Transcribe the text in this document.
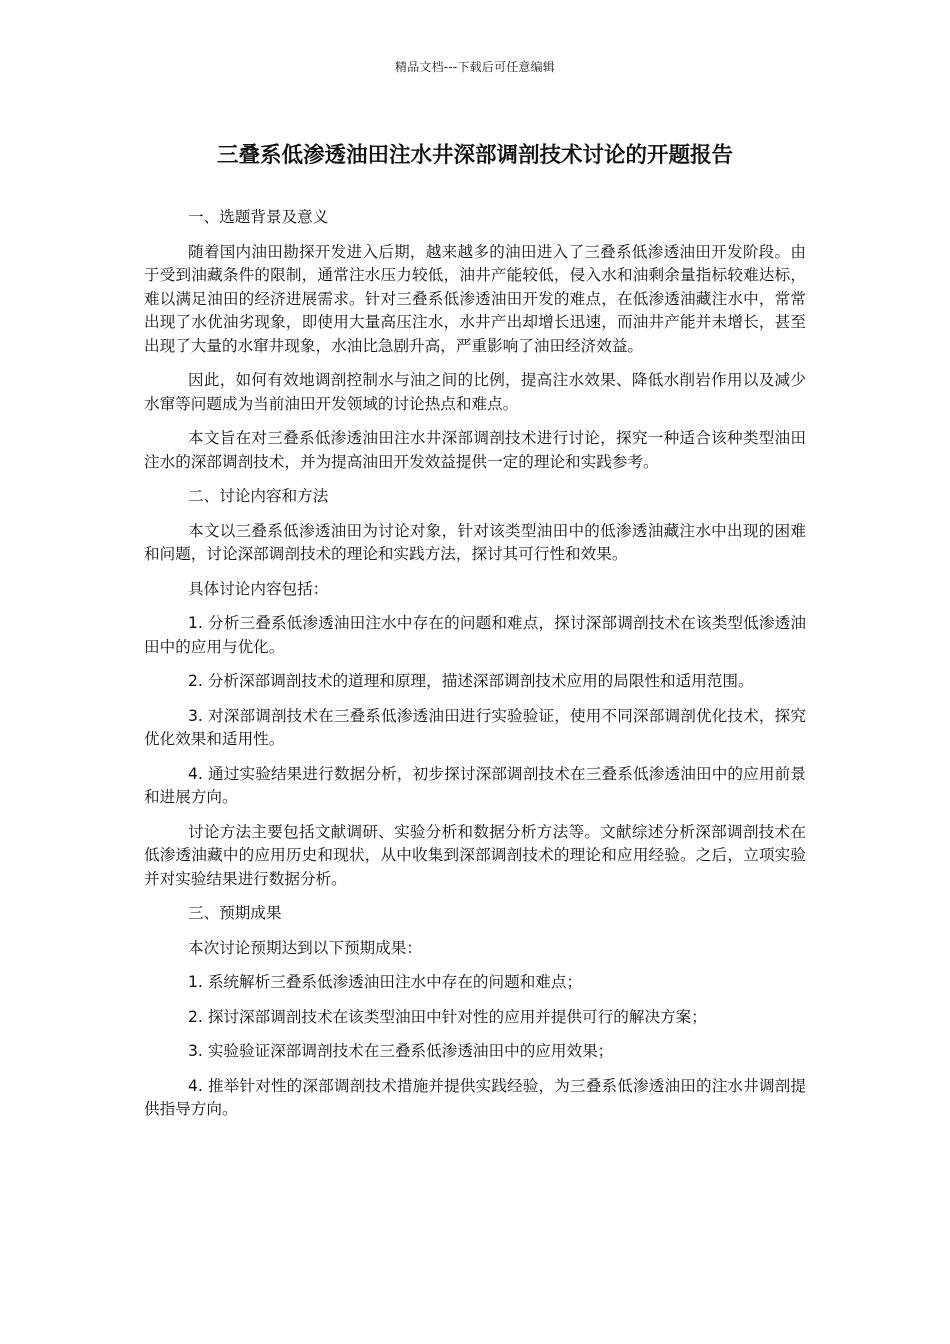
精品文档---下载后可任意编辑
三叠系低渗透油田注水井深部调剖技术讨论的开题报告

一、选题背景及意义

随着国内油田勘探开发进入后期，越来越多的油田进入了三叠系低渗透油田开发阶段。由于受到油藏条件的限制，通常注水压力较低，油井产能较低，侵入水和油剩余量指标较难达标，难以满足油田的经济进展需求。针对三叠系低渗透油田开发的难点，在低渗透油藏注水中，常常出现了水优油劣现象，即使用大量高压注水，水井产出却增长迅速，而油井产能并未增长，甚至出现了大量的水窜井现象，水油比急剧升高，严重影响了油田经济效益。

因此，如何有效地调剖控制水与油之间的比例，提高注水效果、降低水削岩作用以及减少水窜等问题成为当前油田开发领域的讨论热点和难点。

本文旨在对三叠系低渗透油田注水井深部调剖技术进行讨论，探究一种适合该种类型油田注水的深部调剖技术，并为提高油田开发效益提供一定的理论和实践参考。

二、讨论内容和方法

本文以三叠系低渗透油田为讨论对象，针对该类型油田中的低渗透油藏注水中出现的困难和问题，讨论深部调剖技术的理论和实践方法，探讨其可行性和效果。

具体讨论内容包括：

1. 分析三叠系低渗透油田注水中存在的问题和难点，探讨深部调剖技术在该类型低渗透油田中的应用与优化。

2. 分析深部调剖技术的道理和原理，描述深部调剖技术应用的局限性和适用范围。

3. 对深部调剖技术在三叠系低渗透油田进行实验验证，使用不同深部调剖优化技术，探究优化效果和适用性。

4. 通过实验结果进行数据分析，初步探讨深部调剖技术在三叠系低渗透油田中的应用前景和进展方向。

讨论方法主要包括文献调研、实验分析和数据分析方法等。文献综述分析深部调剖技术在低渗透油藏中的应用历史和现状，从中收集到深部调剖技术的理论和应用经验。之后，立项实验并对实验结果进行数据分析。

三、预期成果

本次讨论预期达到以下预期成果：

1. 系统解析三叠系低渗透油田注水中存在的问题和难点；

2. 探讨深部调剖技术在该类型油田中针对性的应用并提供可行的解决方案；

3. 实验验证深部调剖技术在三叠系低渗透油田中的应用效果；

4. 推举针对性的深部调剖技术措施并提供实践经验，为三叠系低渗透油田的注水井调剖提供指导方向。
